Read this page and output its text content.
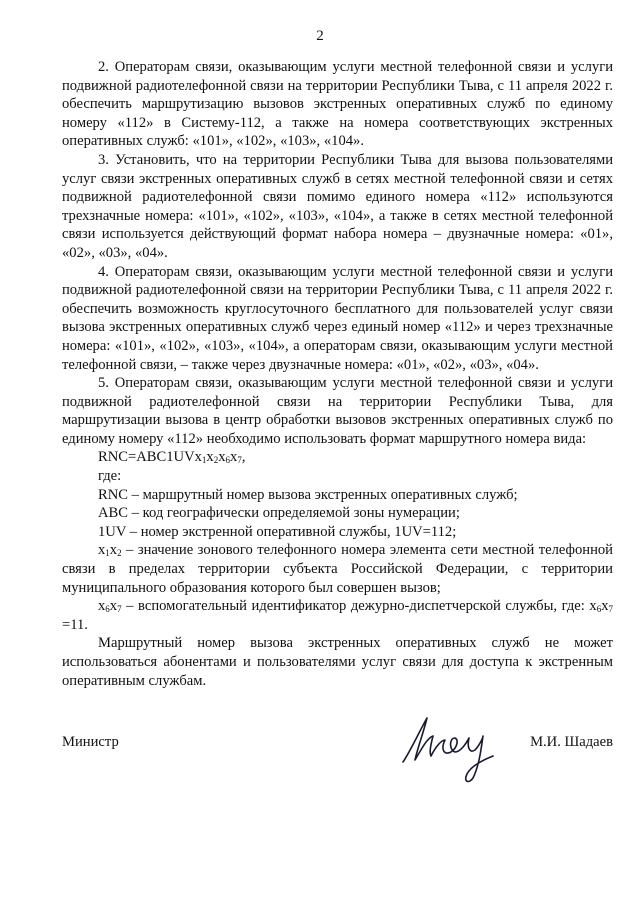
2

2. Операторам связи, оказывающим услуги местной телефонной связи и услуги подвижной радиотелефонной связи на территории Республики Тыва, с 11 апреля 2022 г. обеспечить маршрутизацию вызовов экстренных оперативных служб по единому номеру «112» в Систему-112, а также на номера соответствующих экстренных оперативных служб: «101», «102», «103», «104».

3. Установить, что на территории Республики Тыва для вызова пользователями услуг связи экстренных оперативных служб в сетях местной телефонной связи и сетях подвижной радиотелефонной связи помимо единого номера «112» используются трехзначные номера: «101», «102», «103», «104», а также в сетях местной телефонной связи используется действующий формат набора номера – двузначные номера: «01», «02», «03», «04».

4. Операторам связи, оказывающим услуги местной телефонной связи и услуги подвижной радиотелефонной связи на территории Республики Тыва, с 11 апреля 2022 г. обеспечить возможность круглосуточного бесплатного для пользователей услуг связи вызова экстренных оперативных служб через единый номер «112» и через трехзначные номера: «101», «102», «103», «104», а операторам связи, оказывающим услуги местной телефонной связи, – также через двузначные номера: «01», «02», «03», «04».

5. Операторам связи, оказывающим услуги местной телефонной связи и услуги подвижной радиотелефонной связи на территории Республики Тыва, для маршрутизации вызова в центр обработки вызовов экстренных оперативных служб по единому номеру «112» необходимо использовать формат маршрутного номера вида:

$RNC=ABC1UVx_1x_2x_6x_7$,

где:

RNC – маршрутный номер вызова экстренных оперативных служб;

ABC – код географически определяемой зоны нумерации;

1UV – номер экстренной оперативной службы, 1UV=112;

$x_1x_2$ – значение зонового телефонного номера элемента сети местной телефонной связи в пределах территории субъекта Российской Федерации, с территории муниципального образования которого был совершен вызов;

$x_6x_7$ – вспомогательный идентификатор дежурно-диспетчерской службы, где: $x_6x_7 =11$.

Маршрутный номер вызова экстренных оперативных служб не может использоваться абонентами и пользователями услуг связи для доступа к экстренным оперативным службам.

Министр	М.И. Шадаев
